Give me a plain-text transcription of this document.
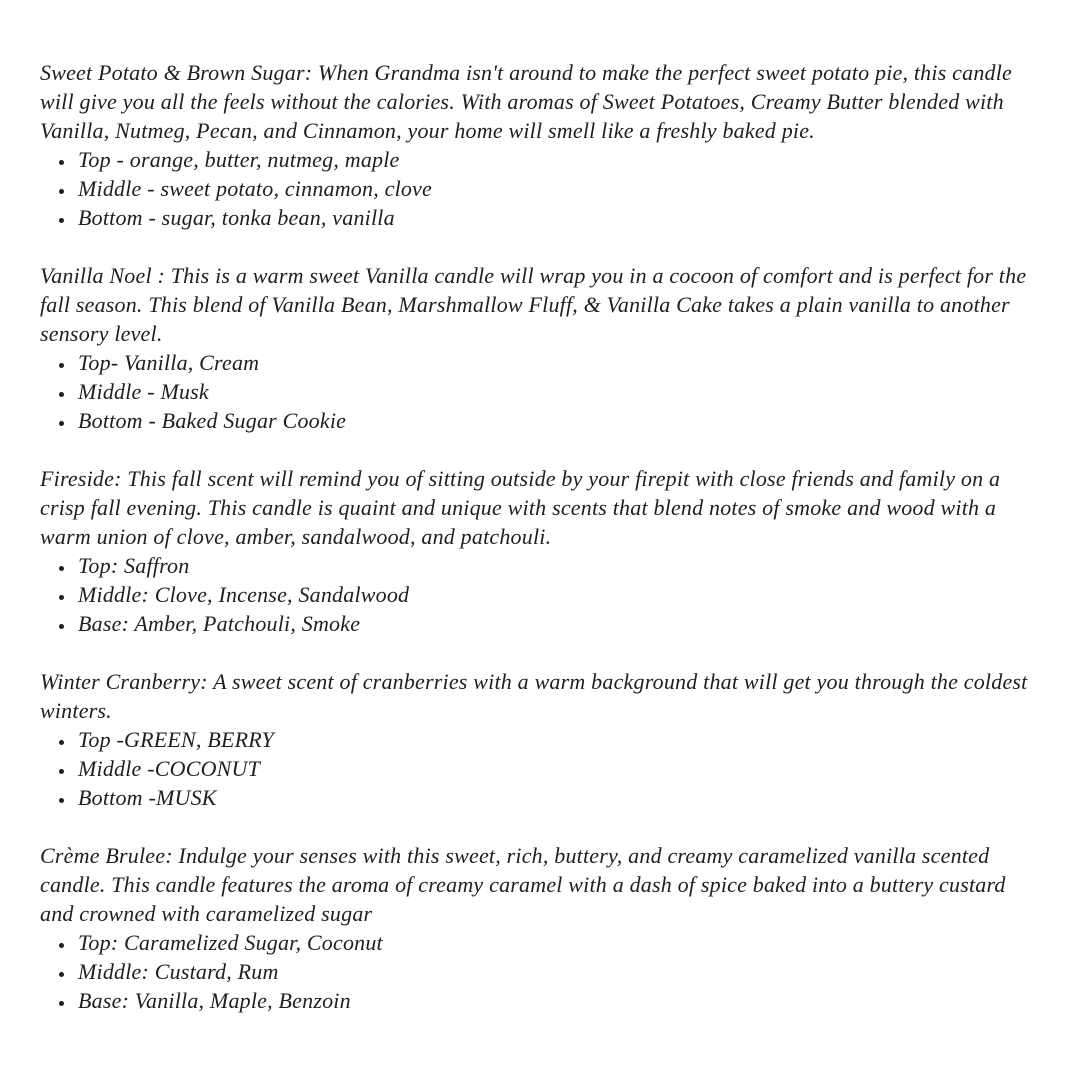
Sweet Potato & Brown Sugar: When Grandma isn't around to make the perfect sweet potato pie, this candle will give you all the feels without the calories. With aromas of Sweet Potatoes, Creamy Butter blended with Vanilla, Nutmeg, Pecan, and Cinnamon, your home will smell like a freshly baked pie.

• Top - orange, butter, nutmeg, maple
• Middle - sweet potato, cinnamon, clove
• Bottom - sugar, tonka bean, vanilla

Vanilla Noel : This is a warm sweet Vanilla candle will wrap you in a cocoon of comfort and is perfect for the fall season. This blend of Vanilla Bean, Marshmallow Fluff, & Vanilla Cake takes a plain vanilla to another sensory level.

• Top- Vanilla, Cream
• Middle - Musk
• Bottom - Baked Sugar Cookie

Fireside: This fall scent will remind you of sitting outside by your firepit with close friends and family on a crisp fall evening. This candle is quaint and unique with scents that blend notes of smoke and wood with a warm union of clove, amber, sandalwood, and patchouli.

• Top: Saffron
• Middle: Clove, Incense, Sandalwood
• Base: Amber, Patchouli, Smoke

Winter Cranberry: A sweet scent of cranberries with a warm background that will get you through the coldest winters.

• Top -GREEN, BERRY
• Middle -COCONUT
• Bottom -MUSK

Crème Brulee: Indulge your senses with this sweet, rich, buttery, and creamy caramelized vanilla scented candle. This candle features the aroma of creamy caramel with a dash of spice baked into a buttery custard and crowned with caramelized sugar

• Top: Caramelized Sugar, Coconut
• Middle: Custard, Rum
• Base: Vanilla, Maple, Benzoin
